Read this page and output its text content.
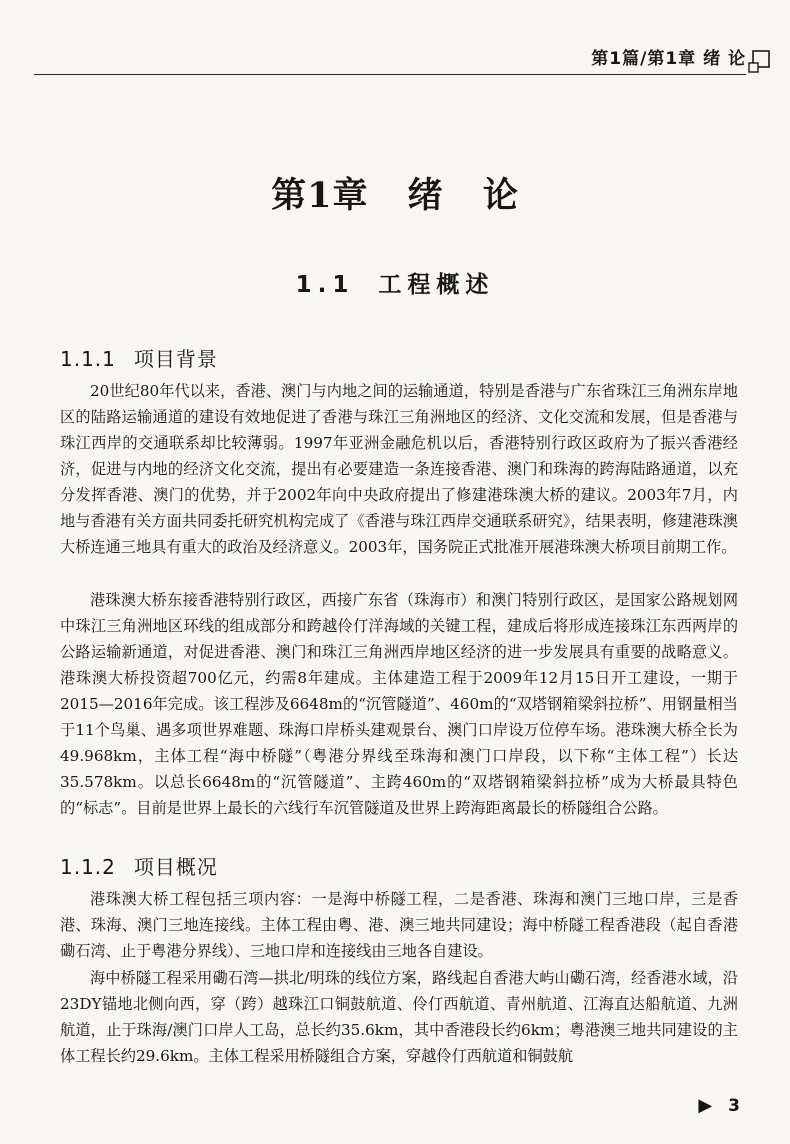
第1篇/第1章 绪 论
第1章 绪 论
1.1 工程概述
1.1.1 项目背景

20世纪80年代以来，香港、澳门与内地之间的运输通道，特别是香港与广东省珠江三角洲东岸地区的陆路运输通道的建设有效地促进了香港与珠江三角洲地区的经济、文化交流和发展，但是香港与珠江西岸的交通联系却比较薄弱。1997年亚洲金融危机以后，香港特别行政区政府为了振兴香港经济，促进与内地的经济文化交流，提出有必要建造一条连接香港、澳门和珠海的跨海陆路通道，以充分发挥香港、澳门的优势，并于2002年向中央政府提出了修建港珠澳大桥的建议。2003年7月，内地与香港有关方面共同委托研究机构完成了《香港与珠江西岸交通联系研究》，结果表明，修建港珠澳大桥连通三地具有重大的政治及经济意义。2003年，国务院正式批准开展港珠澳大桥项目前期工作。

港珠澳大桥东接香港特别行政区，西接广东省（珠海市）和澳门特别行政区，是国家公路规划网中珠江三角洲地区环线的组成部分和跨越伶仃洋海域的关键工程，建成后将形成连接珠江东西两岸的公路运输新通道，对促进香港、澳门和珠江三角洲西岸地区经济的进一步发展具有重要的战略意义。港珠澳大桥投资超700亿元，约需8年建成。主体建造工程于2009年12月15日开工建设，一期于2015—2016年完成。该工程涉及6648m的“沉管隧道”、460m的“双塔钢箱梁斜拉桥”、用钢量相当于11个鸟巢、遇多项世界难题、珠海口岸桥头建观景台、澳门口岸设万位停车场。港珠澳大桥全长为49.968km，主体工程“海中桥隧”（粤港分界线至珠海和澳门口岸段，以下称“主体工程”）长达35.578km。以总长6648m的“沉管隧道”、主跨460m的“双塔钢箱梁斜拉桥”成为大桥最具特色的“标志”。目前是世界上最长的六线行车沉管隧道及世界上跨海距离最长的桥隧组合公路。

1.1.2 项目概况

港珠澳大桥工程包括三项内容：一是海中桥隧工程，二是香港、珠海和澳门三地口岸，三是香港、珠海、澳门三地连接线。主体工程由粤、港、澳三地共同建设；海中桥隧工程香港段（起自香港磡石湾、止于粤港分界线）、三地口岸和连接线由三地各自建设。

海中桥隧工程采用磡石湾—拱北/明珠的线位方案，路线起自香港大屿山磡石湾，经香港水域，沿23DY锚地北侧向西，穿（跨）越珠江口铜鼓航道、伶仃西航道、青州航道、江海直达船航道、九洲航道，止于珠海/澳门口岸人工岛，总长约35.6km，其中香港段长约6km；粤港澳三地共同建设的主体工程长约29.6km。主体工程采用桥隧组合方案，穿越伶仃西航道和铜鼓航

▶ 3
